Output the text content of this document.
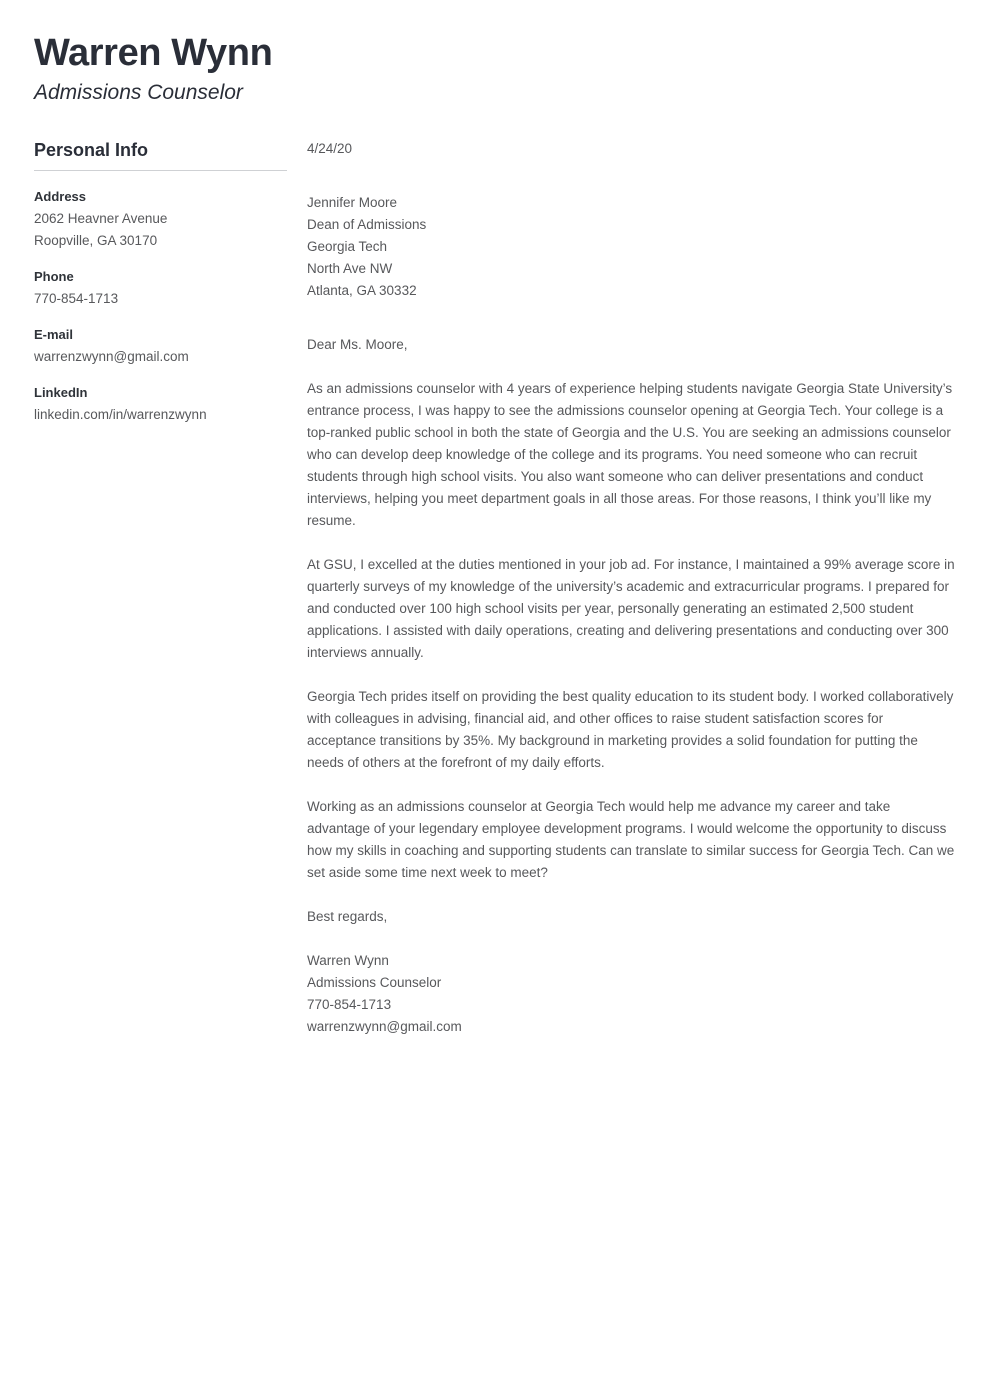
Warren Wynn
Admissions Counselor
Personal Info
Address
2062 Heavner Avenue
Roopville, GA 30170
Phone
770-854-1713
E-mail
warrenzwynn@gmail.com
LinkedIn
linkedin.com/in/warrenzwynn
4/24/20
Jennifer Moore
Dean of Admissions
Georgia Tech
North Ave NW
Atlanta, GA 30332
Dear Ms. Moore,

As an admissions counselor with 4 years of experience helping students navigate Georgia State University’s entrance process, I was happy to see the admissions counselor opening at Georgia Tech. Your college is a top-ranked public school in both the state of Georgia and the U.S. You are seeking an admissions counselor who can develop deep knowledge of the college and its programs. You need someone who can recruit students through high school visits. You also want someone who can deliver presentations and conduct interviews, helping you meet department goals in all those areas. For those reasons, I think you’ll like my resume.

At GSU, I excelled at the duties mentioned in your job ad. For instance, I maintained a 99% average score in quarterly surveys of my knowledge of the university’s academic and extracurricular programs. I prepared for and conducted over 100 high school visits per year, personally generating an estimated 2,500 student applications. I assisted with daily operations, creating and delivering presentations and conducting over 300 interviews annually.

Georgia Tech prides itself on providing the best quality education to its student body. I worked collaboratively with colleagues in advising, financial aid, and other offices to raise student satisfaction scores for acceptance transitions by 35%. My background in marketing provides a solid foundation for putting the needs of others at the forefront of my daily efforts.

Working as an admissions counselor at Georgia Tech would help me advance my career and take advantage of your legendary employee development programs. I would welcome the opportunity to discuss how my skills in coaching and supporting students can translate to similar success for Georgia Tech. Can we set aside some time next week to meet?

Best regards,
Warren Wynn
Admissions Counselor
770-854-1713
warrenzwynn@gmail.com
